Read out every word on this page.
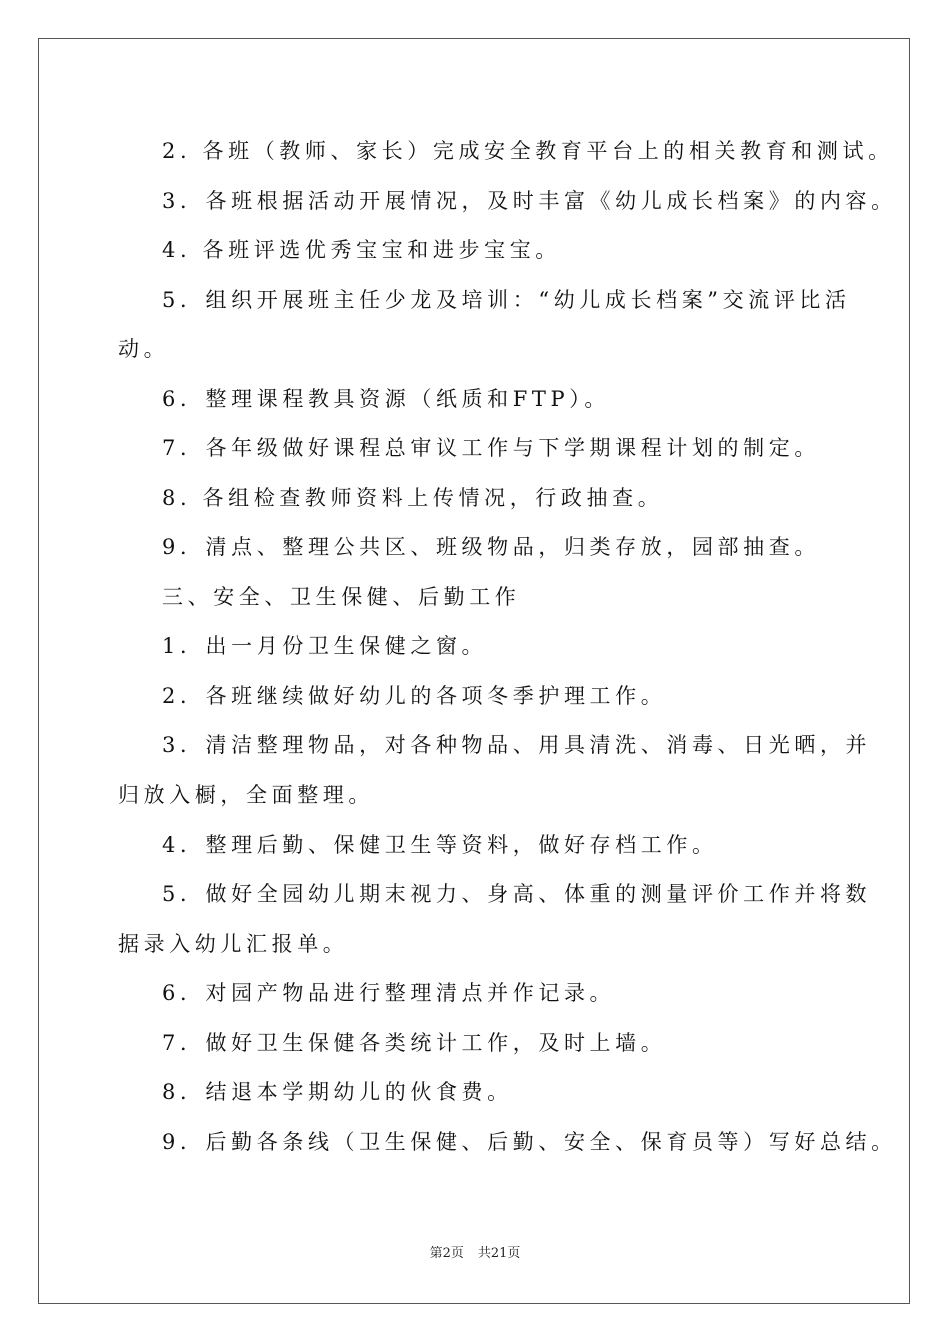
2. 各班（教师、家长）完成安全教育平台上的相关教育和测试。
3．各班根据活动开展情况，及时丰富《幼儿成长档案》的内容。
4. 各班评选优秀宝宝和进步宝宝。
5．组织开展班主任少龙及培训：“幼儿成长档案”交流评比活
动。
6．整理课程教具资源（纸质和FTP）。
7．各年级做好课程总审议工作与下学期课程计划的制定。
8. 各组检查教师资料上传情况，行政抽查。
9．清点、整理公共区、班级物品，归类存放，园部抽查。
三、安全、卫生保健、后勤工作
1．出一月份卫生保健之窗。
2．各班继续做好幼儿的各项冬季护理工作。
3．清洁整理物品，对各种物品、用具清洗、消毒、日光晒，并
归放入橱，全面整理。
4．整理后勤、保健卫生等资料，做好存档工作。
5．做好全园幼儿期末视力、身高、体重的测量评价工作并将数
据录入幼儿汇报单。
6．对园产物品进行整理清点并作记录。
7．做好卫生保健各类统计工作，及时上墙。
8．结退本学期幼儿的伙食费。
9．后勤各条线（卫生保健、后勤、安全、保育员等）写好总结。
第2页 共21页
